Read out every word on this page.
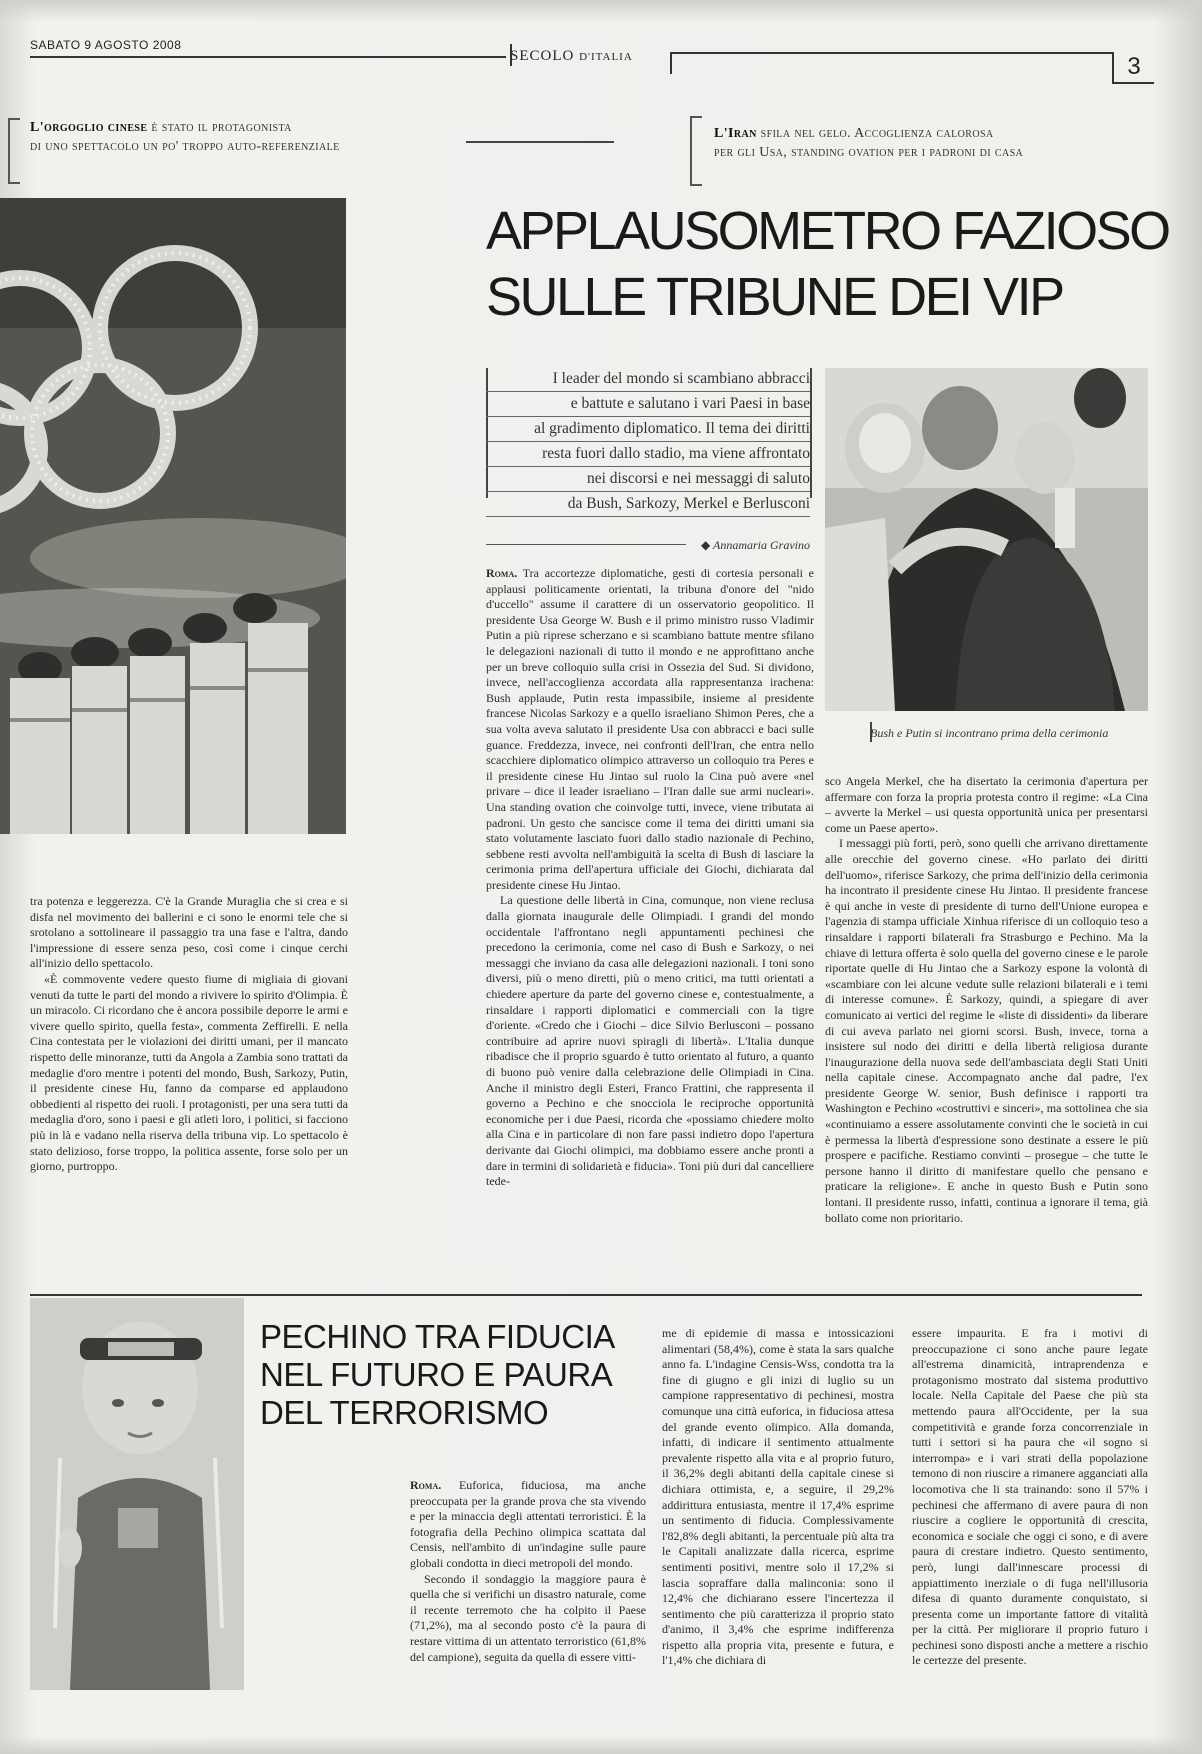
SABATO 9 AGOSTO 2008
SECOLO D'ITALIA	3
L'orgoglio cinese è stato il protagonista
di uno spettacolo un po' troppo auto-referenziale
L'Iran sfila nel gelo. Accoglienza calorosa
per gli Usa, standing ovation per i padroni di casa
APPLAUSOMETRO FAZIOSO
SULLE TRIBUNE DEI VIP
I leader del mondo si scambiano abbracci
e battute e salutano i vari Paesi in base
al gradimento diplomatico. Il tema dei diritti
resta fuori dallo stadio, ma viene affrontato
nei discorsi e nei messaggi di saluto
da Bush, Sarkozy, Merkel e Berlusconi
◆ Annamaria Gravino
Bush e Putin si incontrano prima della cerimonia

Roma. Tra accortezze diplomatiche, gesti di cortesia personali e applausi politicamente orientati, la tribuna d'onore del "nido d'uccello" assume il carattere di un osservatorio geopolitico. Il presidente Usa George W. Bush e il primo ministro russo Vladimir Putin a più riprese scherzano e si scambiano battute mentre sfilano le delegazioni nazionali di tutto il mondo e ne approfittano anche per un breve colloquio sulla crisi in Ossezia del Sud. Si dividono, invece, nell'accoglienza accordata alla rappresentanza irachena: Bush applaude, Putin resta impassibile, insieme al presidente francese Nicolas Sarkozy e a quello israeliano Shimon Peres, che a sua volta aveva salutato il presidente Usa con abbracci e baci sulle guance. Freddezza, invece, nei confronti dell'Iran, che entra nello scacchiere diplomatico olimpico attraverso un colloquio tra Peres e il presidente cinese Hu Jintao sul ruolo la Cina può avere «nel privare – dice il leader israeliano – l'Iran dalle sue armi nucleari». Una standing ovation che coinvolge tutti, invece, viene tributata ai padroni. Un gesto che sancisce come il tema dei diritti umani sia stato volutamente lasciato fuori dallo stadio nazionale di Pechino, sebbene resti avvolta nell'ambiguità la scelta di Bush di lasciare la cerimonia prima dell'apertura ufficiale dei Giochi, dichiarata dal presidente cinese Hu Jintao.

La questione delle libertà in Cina, comunque, non viene reclusa dalla giornata inaugurale delle Olimpiadi. I grandi del mondo occidentale l'affrontano negli appuntamenti pechinesi che precedono la cerimonia, come nel caso di Bush e Sarkozy, o nei messaggi che inviano da casa alle delegazioni nazionali. I toni sono diversi, più o meno diretti, più o meno critici, ma tutti orientati a chiedere aperture da parte del governo cinese e, contestualmente, a rinsaldare i rapporti diplomatici e commerciali con la tigre d'oriente. «Credo che i Giochi – dice Silvio Berlusconi – possano contribuire ad aprire nuovi spiragli di libertà». L'Italia dunque ribadisce che il proprio sguardo è tutto orientato al futuro, a quanto di buono può venire dalla celebrazione delle Olimpiadi in Cina. Anche il ministro degli Esteri, Franco Frattini, che rappresenta il governo a Pechino e che snocciola le reciproche opportunità economiche per i due Paesi, ricorda che «possiamo chiedere molto alla Cina e in particolare di non fare passi indietro dopo l'apertura derivante dai Giochi olimpici, ma dobbiamo essere anche pronti a dare in termini di solidarietà e fiducia». Toni più duri dal cancelliere tede-

sco Angela Merkel, che ha disertato la cerimonia d'apertura per affermare con forza la propria protesta contro il regime: «La Cina – avverte la Merkel – usi questa opportunità unica per presentarsi come un Paese aperto».

I messaggi più forti, però, sono quelli che arrivano direttamente alle orecchie del governo cinese. «Ho parlato dei diritti dell'uomo», riferisce Sarkozy, che prima dell'inizio della cerimonia ha incontrato il presidente cinese Hu Jintao. Il presidente francese è qui anche in veste di presidente di turno dell'Unione europea e l'agenzia di stampa ufficiale Xinhua riferisce di un colloquio teso a rinsaldare i rapporti bilaterali fra Strasburgo e Pechino. Ma la chiave di lettura offerta è solo quella del governo cinese e le parole riportate quelle di Hu Jintao che a Sarkozy espone la volontà di «scambiare con lei alcune vedute sulle relazioni bilaterali e i temi di interesse comune». È Sarkozy, quindi, a spiegare di aver comunicato ai vertici del regime le «liste di dissidenti» da liberare di cui aveva parlato nei giorni scorsi. Bush, invece, torna a insistere sul nodo dei diritti e della libertà religiosa durante l'inaugurazione della nuova sede dell'ambasciata degli Stati Uniti nella capitale cinese. Accompagnato anche dal padre, l'ex presidente George W. senior, Bush definisce i rapporti tra Washington e Pechino «costruttivi e sinceri», ma sottolinea che sia «continuiamo a essere assolutamente convinti che le società in cui è permessa la libertà d'espressione sono destinate a essere le più prospere e pacifiche. Restiamo convinti – prosegue – che tutte le persone hanno il diritto di manifestare quello che pensano e praticare la religione». E anche in questo Bush e Putin sono lontani. Il presidente russo, infatti, continua a ignorare il tema, già bollato come non prioritario.

tra potenza e leggerezza. C'è la Grande Muraglia che si crea e si disfa nel movimento dei ballerini e ci sono le enormi tele che si srotolano a sottolineare il passaggio tra una fase e l'altra, dando l'impressione di essere senza peso, così come i cinque cerchi all'inizio dello spettacolo.

«È commovente vedere questo fiume di migliaia di giovani venuti da tutte le parti del mondo a rivivere lo spirito d'Olimpia. È un miracolo. Ci ricordano che è ancora possibile deporre le armi e vivere quello spirito, quella festa», commenta Zeffirelli. E nella Cina contestata per le violazioni dei diritti umani, per il mancato rispetto delle minoranze, tutti da Angola a Zambia sono trattati da medaglie d'oro mentre i potenti del mondo, Bush, Sarkozy, Putin, il presidente cinese Hu, fanno da comparse ed applaudono obbedienti al rispetto dei ruoli. I protagonisti, per una sera tutti da medaglia d'oro, sono i paesi e gli atleti loro, i politici, si facciono più in là e vadano nella riserva della tribuna vip. Lo spettacolo è stato delizioso, forse troppo, la politica assente, forse solo per un giorno, purtroppo.

PECHINO TRA FIDUCIA
NEL FUTURO E PAURA
DEL TERRORISMO

Roma. Euforica, fiduciosa, ma anche preoccupata per la grande prova che sta vivendo e per la minaccia degli attentati terroristici. È la fotografia della Pechino olimpica scattata dal Censis, nell'ambito di un'indagine sulle paure globali condotta in dieci metropoli del mondo.

Secondo il sondaggio la maggiore paura è quella che si verifichi un disastro naturale, come il recente terremoto che ha colpito il Paese (71,2%), ma al secondo posto c'è la paura di restare vittima di un attentato terroristico (61,8% del campione), seguita da quella di essere vitti-

me di epidemie di massa e intossicazioni alimentari (58,4%), come è stata la sars qualche anno fa. L'indagine Censis-Wss, condotta tra la fine di giugno e gli inizi di luglio su un campione rappresentativo di pechinesi, mostra comunque una città euforica, in fiduciosa attesa del grande evento olimpico. Alla domanda, infatti, di indicare il sentimento attualmente prevalente rispetto alla vita e al proprio futuro, il 36,2% degli abitanti della capitale cinese si dichiara ottimista, e, a seguire, il 29,2% addirittura entusiasta, mentre il 17,4% esprime un sentimento di fiducia. Complessivamente l'82,8% degli abitanti, la percentuale più alta tra le Capitali analizzate dalla ricerca, esprime sentimenti positivi, mentre solo il 17,2% si lascia sopraffare dalla malinconia: sono il 12,4% che dichiarano essere l'incertezza il sentimento che più caratterizza il proprio stato d'animo, il 3,4% che esprime indifferenza rispetto alla propria vita, presente e futura, e l'1,4% che dichiara di

essere impaurita. E fra i motivi di preoccupazione ci sono anche paure legate all'estrema dinamicità, intraprendenza e protagonismo mostrato dal sistema produttivo locale. Nella Capitale del Paese che più sta mettendo paura all'Occidente, per la sua competitività e grande forza concorrenziale in tutti i settori si ha paura che «il sogno si interrompa» e i vari strati della popolazione temono di non riuscire a rimanere agganciati alla locomotiva che li sta trainando: sono il 57% i pechinesi che affermano di avere paura di non riuscire a cogliere le opportunità di crescita, economica e sociale che oggi ci sono, e di avere paura di crestare indietro. Questo sentimento, però, lungi dall'innescare processi di appiattimento inerziale o di fuga nell'illusoria difesa di quanto duramente conquistato, si presenta come un importante fattore di vitalità per la città. Per migliorare il proprio futuro i pechinesi sono disposti anche a mettere a rischio le certezze del presente.
